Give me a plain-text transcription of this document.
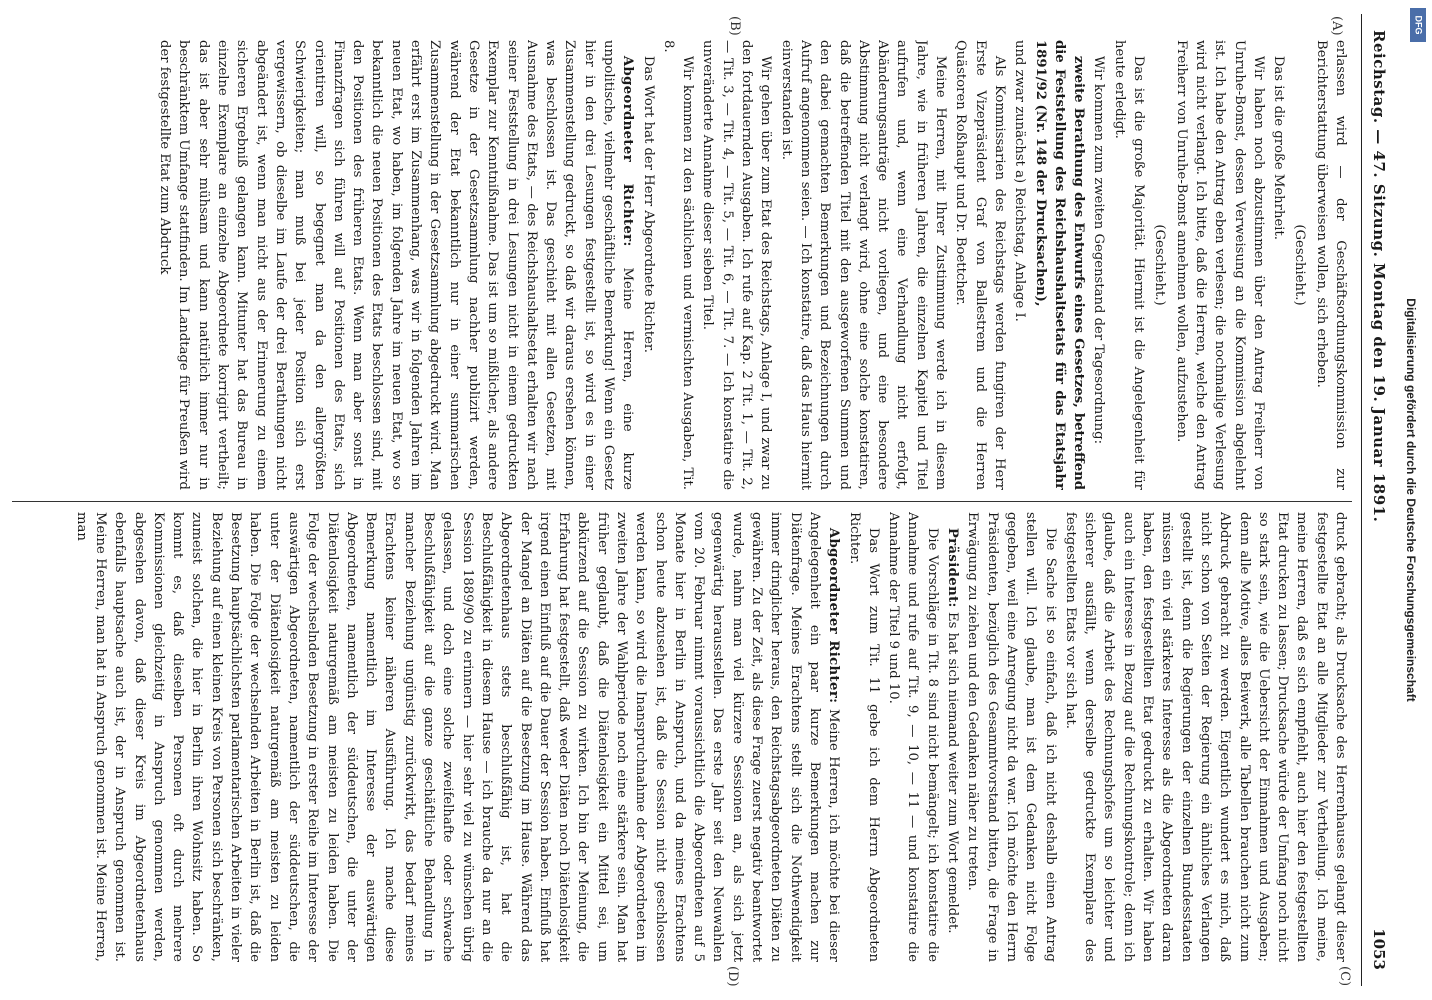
Reichstag. — 47. Sitzung. Montag den 19. Januar 1891.
1053
(A)
(B)
(C)
(D)

erlassen wird — der Geschäftsordnungskommission zur Berichterstattung überweisen wollen, sich erheben.

(Geschieht.)

Das ist die große Mehrheit.

Wir haben noch abzustimmen über den Antrag Freiherr von Unruhe-Bomst, dessen Verweisung an die Kommission abgelehnt ist. Ich habe den Antrag eben verlesen; die nochmalige Verlesung wird nicht verlangt. Ich bitte, daß die Herren, welche den Antrag Freiherr von Unruhe-Bomst annehmen wollen, aufzustehen.

(Geschieht.)

Das ist die große Majorität. Hiermit ist die Angelegenheit für heute erledigt.

Wir kommen zum zweiten Gegenstand der Tagesordnung:

zweite Berathung des Entwurfs eines Gesetzes, betreffend die Feststellung des Reichshaushaltsetats für das Etatsjahr 1891/92 (Nr. 148 der Drucksachen),

und zwar zunächst a) Reichstag, Anlage I.

Als Kommissarien des Reichstags werden fungiren der Herr Erste Vizepräsident Graf von Ballestrem und die Herren Quästoren Roßhaupt und Dr. Boettcher.

Meine Herren, mit Ihrer Zustimmung werde ich in diesem Jahre, wie in früheren Jahren, die einzelnen Kapitel und Titel aufrufen und, wenn eine Verhandlung nicht erfolgt, Abänderungsanträge nicht vorliegen, und eine besondere Abstimmung nicht verlangt wird, ohne eine solche konstatiren, daß die betreffenden Titel mit den ausgeworfenen Summen und den dabei gemachten Bemerkungen und Bezeichnungen durch Aufruf angenommen seien. — Ich konstatire, daß das Haus hiermit einverstanden ist.

Wir gehen über zum Etat des Reichstags, Anlage I, und zwar zu den fortdauernden Ausgaben. Ich rufe auf Kap. 2 Tit. 1, — Tit. 2, — Tit. 3, — Tit. 4, — Tit. 5, — Tit. 6, — Tit. 7. — Ich konstatire die unveränderte Annahme dieser sieben Titel.

Wir kommen zu den sächlichen und vermischten Ausgaben, Tit. 8.

Das Wort hat der Herr Abgeordnete Richter.

Abgeordneter Richter: Meine Herren, eine kurze unpolitische, vielmehr geschäftliche Bemerkung! Wenn ein Gesetz hier in den drei Lesungen festgestellt ist, so wird es in einer Zusammenstellung gedruckt, so daß wir daraus ersehen können, was beschlossen ist. Das geschieht mit allen Gesetzen, mit Ausnahme des Etats, — des Reichshaushaltsetat erhalten wir nach seiner Feststellung in drei Lesungen nicht in einem gedruckten Exemplar zur Kenntnißnahme. Das ist um so mißlicher, als andere Gesetze in der Gesetzsammlung nachher publizirt werden, während der Etat bekanntlich nur in einer summarischen Zusammenstellung in der Gesetzsammlung abgedruckt wird. Man erfährt erst im Zusammenhang, was wir in folgenden Jahren im neuen Etat, wo haben, im folgenden Jahre im neuen Etat, wo so bekanntlich die neuen Positionen des Etats beschlossen sind, mit den Positionen des früheren Etats. Wenn man aber sonst in Finanzfragen sich führen will auf Positionen des Etats, sich orientiren will, so begegnet man da den allergrößten Schwierigkeiten; man muß bei jeder Position sich erst vergewissern, ob dieselbe im Laufe der drei Berathungen nicht abgeändert ist, wenn man nicht aus der Erinnerung zu einem sicheren Ergebniß gelangen kann. Mitunter hat das Bureau in einzelne Exemplare an einzelne Abgeordnete korrigirt vertheilt; das ist aber sehr mühsam und kann natürlich immer nur in beschränktem Umfange stattfinden. Im Landtage für Preußen wird der festgestellte Etat zum Abdruck

druck gebracht; als Drucksache des Herrenhauses gelangt dieser festgestellte Etat an alle Mitglieder zur Vertheilung. Ich meine, meine Herren, daß es sich empfiehlt, auch hier den festgestellten Etat drucken zu lassen; Drucksache würde der Umfang noch nicht so stark sein, wie die Uebersicht der Einnahmen und Ausgaben; denn alle Motive, alles Beiwerk, alle Tabellen brauchen nicht zum Abdruck gebracht zu werden. Eigentlich wundert es mich, daß nicht schon von Seiten der Regierung ein ähnliches Verlangen gestellt ist, denn die Regierungen der einzelnen Bundesstaaten müssen ein viel stärkeres Interesse als die Abgeordneten daran haben, den festgestellten Etat gedruckt zu erhalten. Wir haben auch ein Interesse in Bezug auf die Rechnungskontrole; denn ich glaube, daß die Arbeit des Rechnungshofes um so leichter und sicherer ausfällt, wenn derselbe gedruckte Exemplare des festgestellten Etats vor sich hat.

Die Sache ist so einfach, daß ich nicht deshalb einen Antrag stellen will. Ich glaube, man ist dem Gedanken nicht Folge gegeben, weil eine Anregung nicht da war. Ich möchte den Herrn Präsidenten, bezüglich des Gesammtvorstand bitten, die Frage in Erwägung zu ziehen und den Gedanken näher zu treten.

Präsident: Es hat sich niemand weiter zum Wort gemeldet.

Die Vorschläge in Tit. 8 sind nicht bemängelt; ich konstatire die Annahme und rufe auf Tit. 9, — 10, — 11 — und konstatire die Annahme der Titel 9 und 10.

Das Wort zum Tit. 11 gebe ich dem Herrn Abgeordneten Richter.

Abgeordneter Richter: Meine Herren, ich möchte bei dieser Angelegenheit ein paar kurze Bemerkungen machen zur Diätenfrage. Meines Erachtens stellt sich die Nothwendigkeit immer dringlicher heraus, den Reichstagsabgeordneten Diäten zu gewähren. Zu der Zeit, als diese Frage zuerst negativ beantwortet wurde, nahm man viel kürzere Sessionen an, als sich jetzt gegenwärtig herausstellen. Das erste Jahr seit den Neuwahlen vom 20. Februar nimmt voraussichtlich die Abgeordneten auf 5 Monate hier in Berlin in Anspruch, und da meines Erachtens schon heute abzusehen ist, daß die Session nicht geschlossen werden kann, so wird die Inanspruchnahme der Abgeordneten im zweiten Jahre der Wahlperiode noch eine stärkere sein. Man hat früher geglaubt, daß die Diätenlosigkeit ein Mittel sei, um abkürzend auf die Session zu wirken. Ich bin der Meinung, die Erfahrung hat festgestellt, daß weder Diäten noch Diätenlosigkeit irgend einen Einfluß auf die Dauer der Session haben. Einfluß hat der Mangel an Diäten auf die Besetzung im Hause. Während das Abgeordnetenhaus stets beschlußfähig ist, hat die Beschlußfähigkeit in diesem Hause — ich brauche da nur an die Session 1889/90 zu erinnern — hier sehr viel zu wünschen übrig gelassen, und doch eine solche zweifelhafte oder schwache Beschlußfähigkeit auf die ganze geschäftliche Behandlung in mancher Beziehung ungünstig zurückwirkt, das bedarf meines Erachtens keiner näheren Ausführung. Ich mache diese Bemerkung namentlich im Interesse der auswärtigen Abgeordneten, namentlich der süddeutschen, die unter der Diätenlosigkeit naturgemäß am meisten zu leiden haben. Die Folge der wechselnden Besetzung in erster Reihe im Interesse der auswärtigen Abgeordneten, namentlich der süddeutschen, die unter der Diätenlosigkeit naturgemäß am meisten zu leiden haben. Die Folge der wechselnden Arbeiten in Berlin ist, daß die Besetzung hauptsächlichsten parlamentarischen Arbeiten in vieler Beziehung auf einen kleinen Kreis von Personen sich beschränken, zumeist solchen, die hier in Berlin ihren Wohnsitz haben. So kommt es, daß dieselben Personen oft durch mehrere Kommissionen gleichzeitig in Anspruch genommen werden, abgesehen davon, daß dieser Kreis im Abgeordnetenhaus ebenfalls hauptsache auch ist, der in Anspruch genommen ist. Meine Herren, man hat in Anspruch genommen ist. Meine Herren, man	Digitalisierung gefördert durch die Deutsche Forschungsgemeinschaft
DFG
